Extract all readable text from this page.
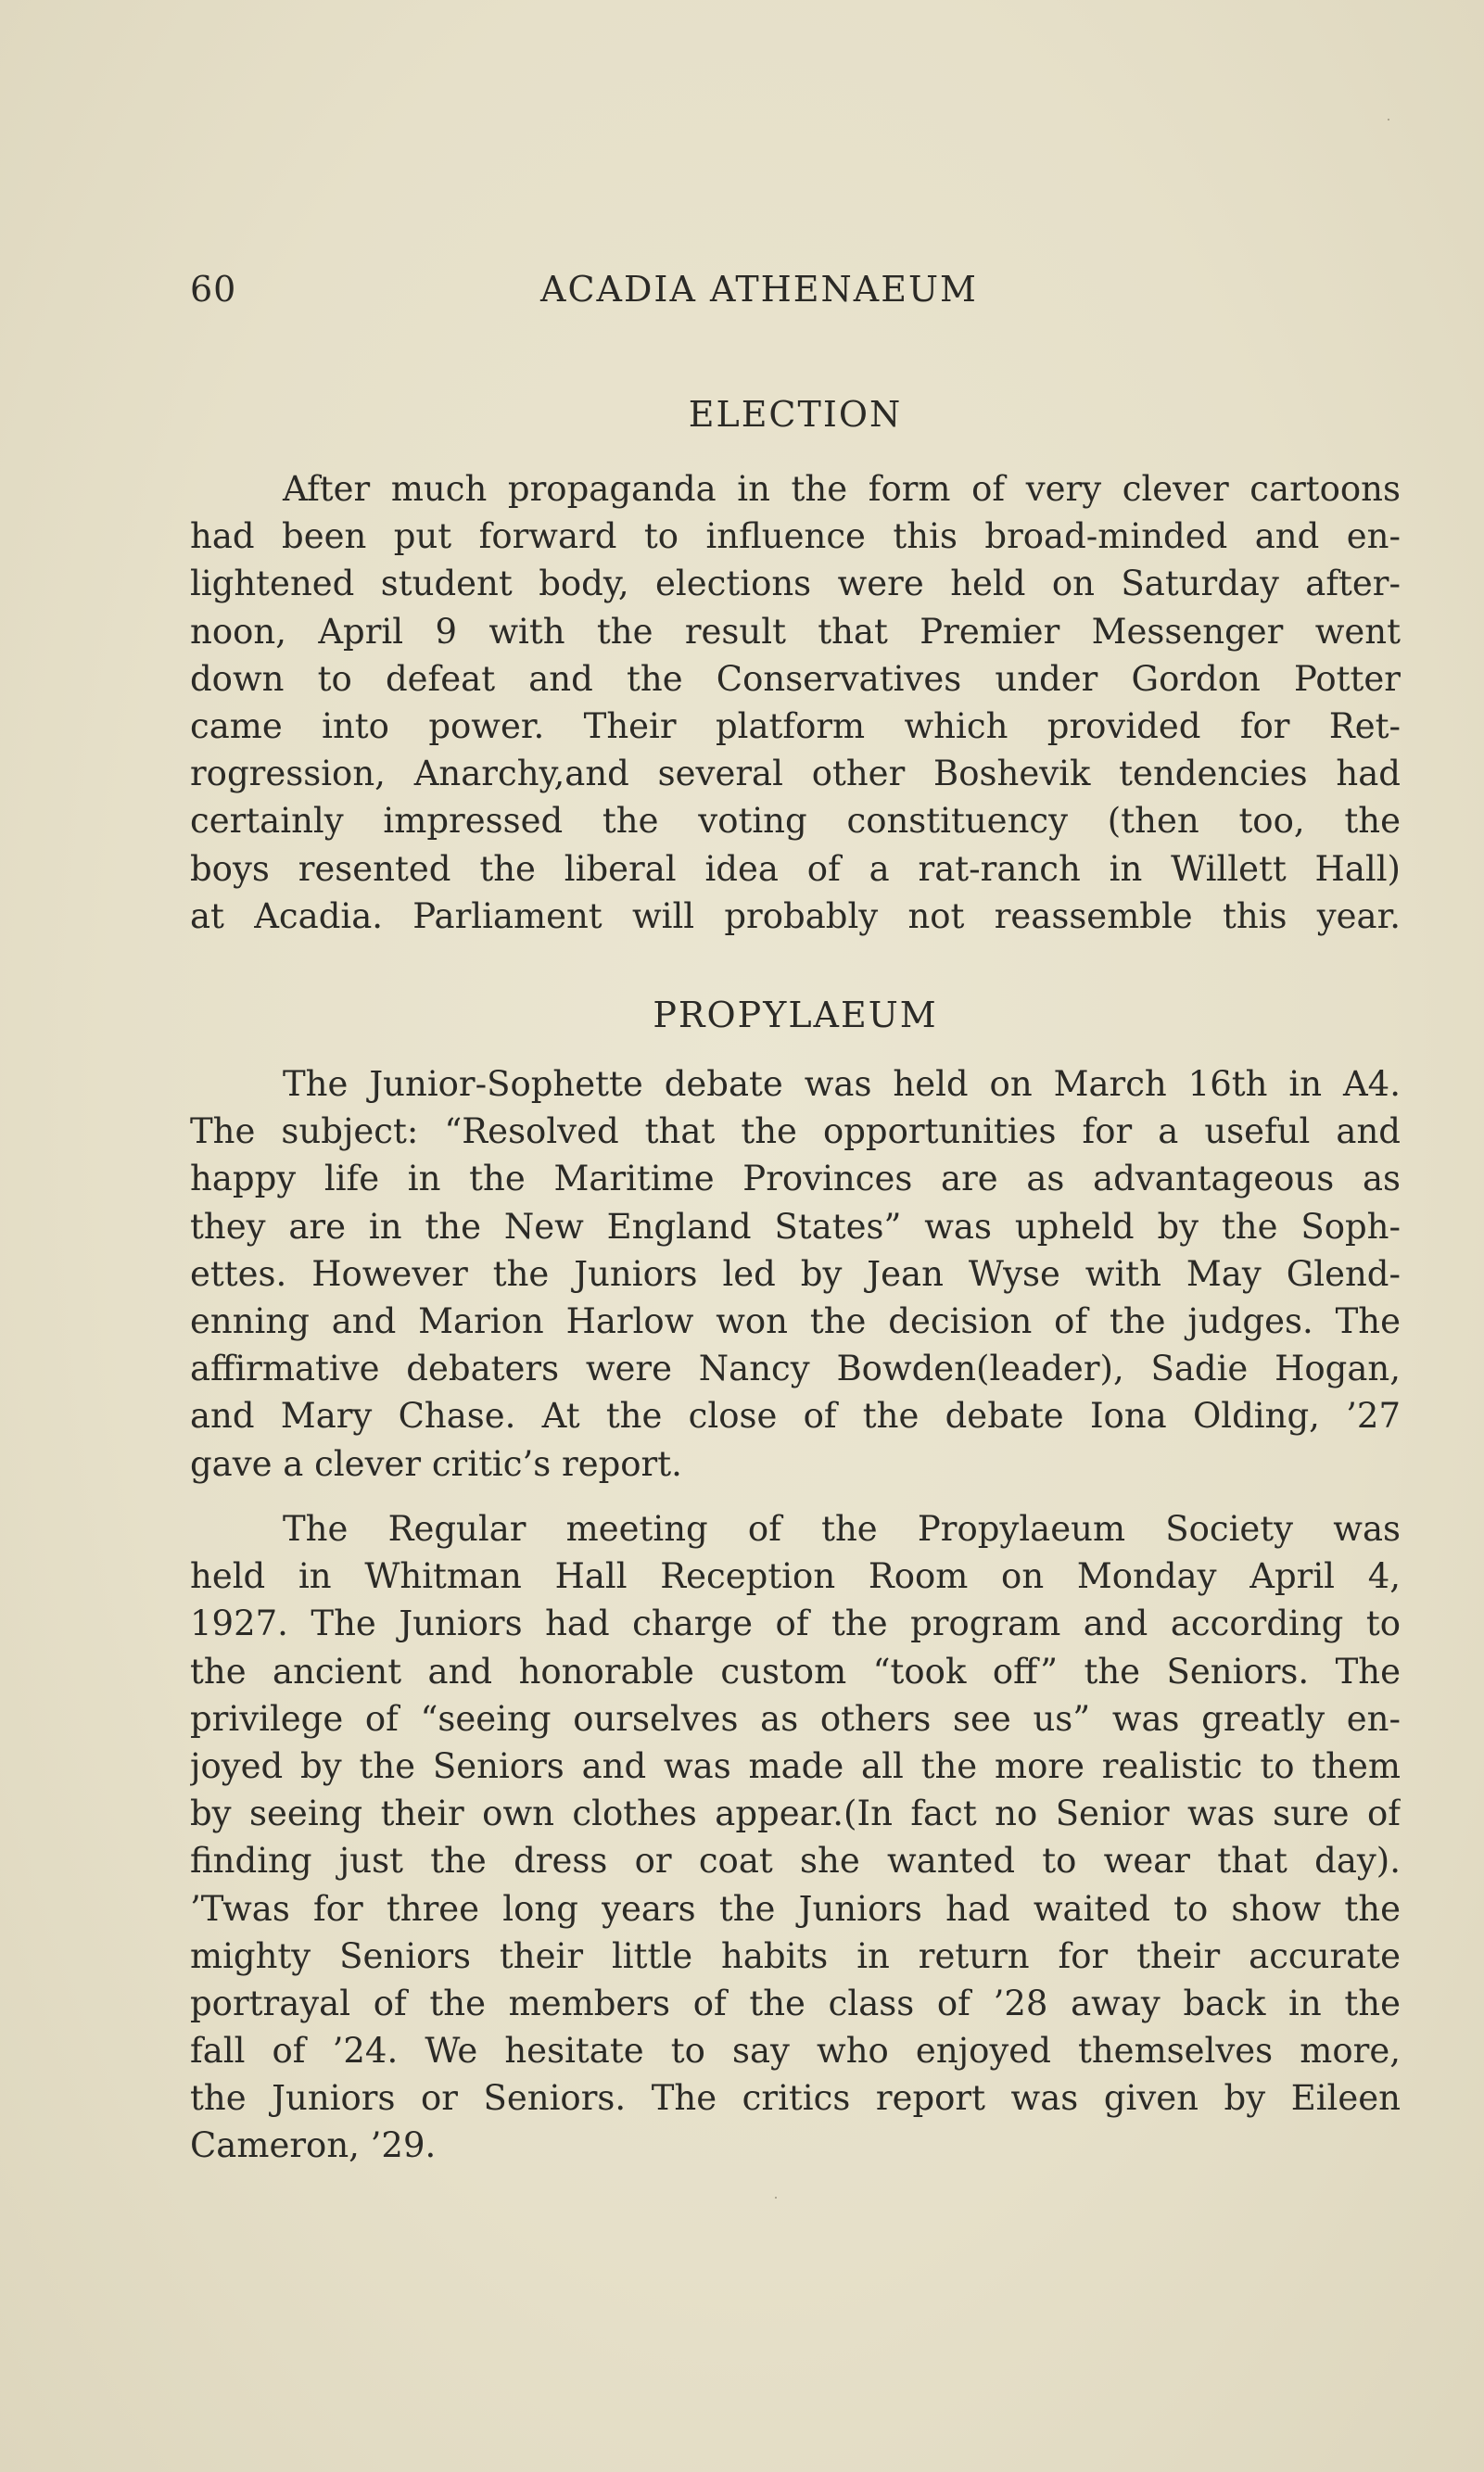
60	ACADIA ATHENAEUM
ELECTION
After much propaganda in the form of very clever cartoons
had been put forward to influence this broad-minded and en-
lightened student body, elections were held on Saturday after-
noon, April 9 with the result that Premier Messenger went
down to defeat and the Conservatives under Gordon Potter
came into power. Their platform which provided for Ret-
rogression, Anarchy,and several other Boshevik tendencies had
certainly impressed the voting constituency (then too, the
boys resented the liberal idea of a rat-ranch in Willett Hall)
at Acadia. Parliament will probably not reassemble this year.
PROPYLAEUM
The Junior-Sophette debate was held on March 16th in A4.
The subject: “Resolved that the opportunities for a useful and
happy life in the Maritime Provinces are as advantageous as
they are in the New England States” was upheld by the Soph-
ettes. However the Juniors led by Jean Wyse with May Glend-
enning and Marion Harlow won the decision of the judges. The
affirmative debaters were Nancy Bowden(leader), Sadie Hogan,
and Mary Chase. At the close of the debate Iona Olding, ’27
gave a clever critic’s report.
The Regular meeting of the Propylaeum Society was
held in Whitman Hall Reception Room on Monday April 4,
1927. The Juniors had charge of the program and according to
the ancient and honorable custom “took off” the Seniors. The
privilege of “seeing ourselves as others see us” was greatly en-
joyed by the Seniors and was made all the more realistic to them
by seeing their own clothes appear.(In fact no Senior was sure of
finding just the dress or coat she wanted to wear that day).
’Twas for three long years the Juniors had waited to show the
mighty Seniors their little habits in return for their accurate
portrayal of the members of the class of ’28 away back in the
fall of ’24. We hesitate to say who enjoyed themselves more,
the Juniors or Seniors. The critics report was given by Eileen
Cameron, ’29.
